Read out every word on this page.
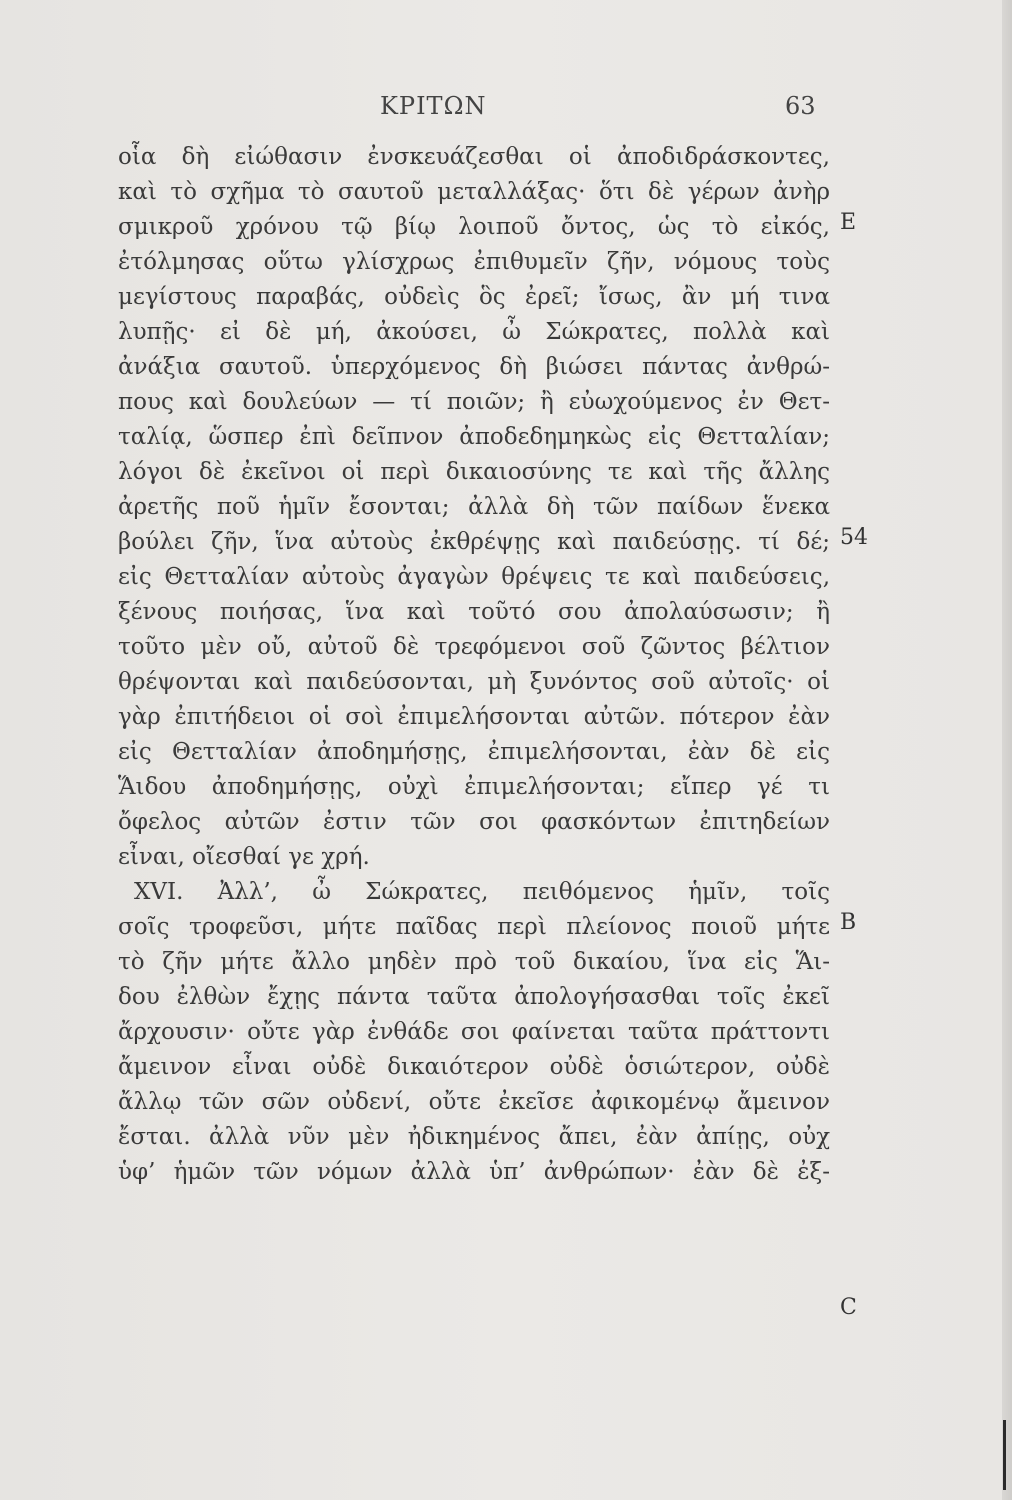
ΚΡΙΤΩΝ	63
οἷα δὴ εἰώθασιν ἐνσκευάζεσθαι οἱ ἀποδιδράσκοντες,
καὶ τὸ σχῆμα τὸ σαυτοῦ μεταλλάξας· ὅτι δὲ γέρων ἀνὴρ
σμικροῦ χρόνου τῷ βίῳ λοιποῦ ὄντος, ὡς τὸ εἰκός,
ἐτόλμησας οὕτω γλίσχρως ἐπιθυμεῖν ζῆν, νόμους τοὺς
μεγίστους παραβάς, οὐδεὶς ὃς ἐρεῖ; ἴσως, ἂν μή τινα
λυπῇς· εἰ δὲ μή, ἀκούσει, ὦ Σώκρατες, πολλὰ καὶ
ἀνάξια σαυτοῦ. ὑπερχόμενος δὴ βιώσει πάντας ἀνθρώ-
πους καὶ δουλεύων — τί ποιῶν; ἢ εὐωχούμενος ἐν Θετ-
ταλίᾳ, ὥσπερ ἐπὶ δεῖπνον ἀποδεδημηκὼς εἰς Θετταλίαν;
λόγοι δὲ ἐκεῖνοι οἱ περὶ δικαιοσύνης τε καὶ τῆς ἄλλης
ἀρετῆς ποῦ ἡμῖν ἔσονται; ἀλλὰ δὴ τῶν παίδων ἕνεκα
βούλει ζῆν, ἵνα αὐτοὺς ἐκθρέψῃς καὶ παιδεύσῃς. τί δέ;
εἰς Θετταλίαν αὐτοὺς ἀγαγὼν θρέψεις τε καὶ παιδεύσεις,
ξένους ποιήσας, ἵνα καὶ τοῦτό σου ἀπολαύσωσιν; ἢ
τοῦτο μὲν οὔ, αὐτοῦ δὲ τρεφόμενοι σοῦ ζῶντος βέλτιον
θρέψονται καὶ παιδεύσονται, μὴ ξυνόντος σοῦ αὐτοῖς· οἱ
γὰρ ἐπιτήδειοι οἱ σοὶ ἐπιμελήσονται αὐτῶν. πότερον ἐὰν
εἰς Θετταλίαν ἀποδημήσῃς, ἐπιμελήσονται, ἐὰν δὲ εἰς
Ἅιδου ἀποδημήσῃς, οὐχὶ ἐπιμελήσονται; εἴπερ γέ τι
ὄφελος αὐτῶν ἐστιν τῶν σοι φασκόντων ἐπιτηδείων
εἶναι, οἴεσθαί γε χρή.
XVI. Ἀλλ’, ὦ Σώκρατες, πειθόμενος ἡμῖν, τοῖς
σοῖς τροφεῦσι, μήτε παῖδας περὶ πλείονος ποιοῦ μήτε
τὸ ζῆν μήτε ἄλλο μηδὲν πρὸ τοῦ δικαίου, ἵνα εἰς Ἅι-
δου ἐλθὼν ἔχῃς πάντα ταῦτα ἀπολογήσασθαι τοῖς ἐκεῖ
ἄρχουσιν· οὔτε γὰρ ἐνθάδε σοι φαίνεται ταῦτα πράττοντι
ἄμεινον εἶναι οὐδὲ δικαιότερον οὐδὲ ὁσιώτερον, οὐδὲ
ἄλλῳ τῶν σῶν οὐδενί, οὔτε ἐκεῖσε ἀφικομένῳ ἄμεινον
ἔσται. ἀλλὰ νῦν μὲν ἠδικημένος ἄπει, ἐὰν ἀπίῃς, οὐχ
ὑφ’ ἡμῶν τῶν νόμων ἀλλὰ ὑπ’ ἀνθρώπων· ἐὰν δὲ ἐξ-
E
54
B
C
